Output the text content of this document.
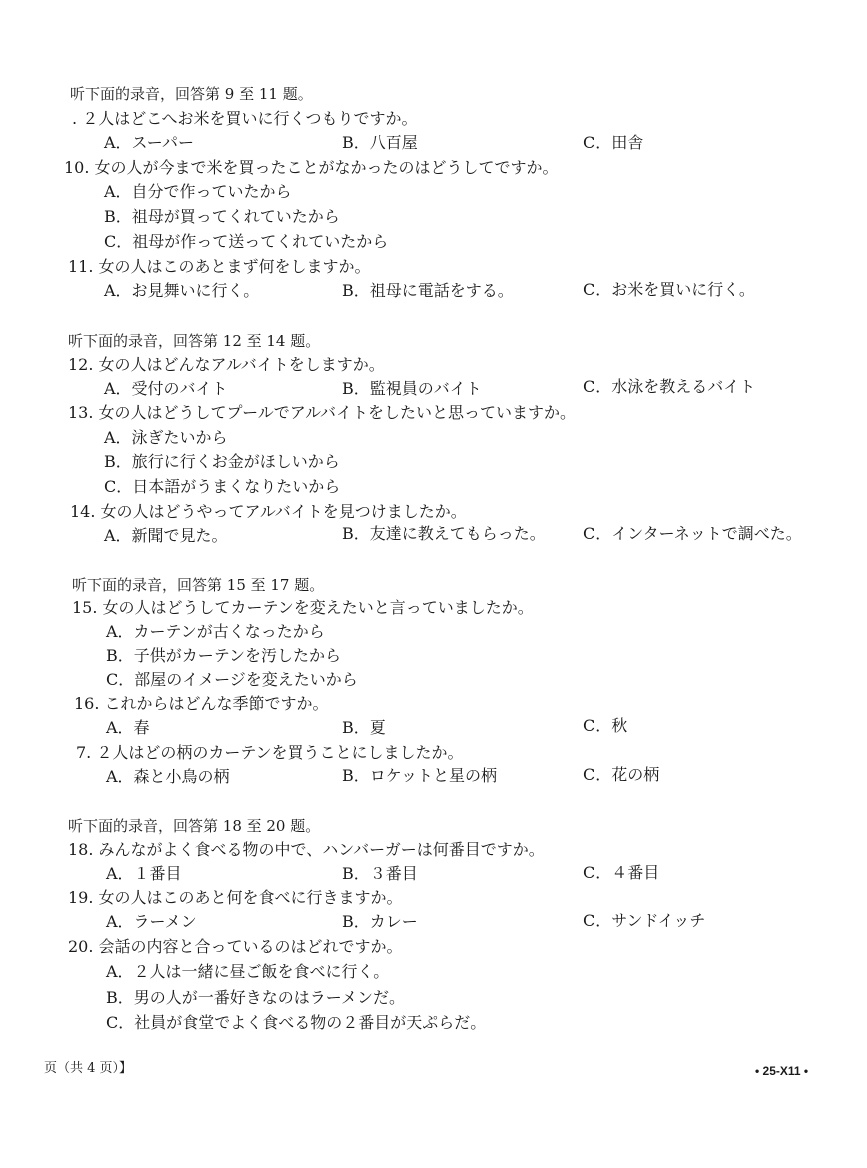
听下面的录音，回答第 9 至 11 题。
. ２人はどこへお米を買いに行くつもりですか。
A．スーパー	B．八百屋	C．田舎
10. 女の人が今まで米を買ったことがなかったのはどうしてですか。
A．自分で作っていたから
B．祖母が買ってくれていたから
C．祖母が作って送ってくれていたから
11. 女の人はこのあとまず何をしますか。
A．お見舞いに行く。	B．祖母に電話をする。	C．お米を買いに行く。
听下面的录音，回答第 12 至 14 题。
12. 女の人はどんなアルバイトをしますか。
A．受付のバイト	B．監視員のバイト	C．水泳を教えるバイト
13. 女の人はどうしてプールでアルバイトをしたいと思っていますか。
A．泳ぎたいから
B．旅行に行くお金がほしいから
C．日本語がうまくなりたいから
14. 女の人はどうやってアルバイトを見つけましたか。
A．新聞で見た。	B．友達に教えてもらった。 C．インターネットで調べた。
听下面的录音，回答第 15 至 17 题。
15. 女の人はどうしてカーテンを変えたいと言っていましたか。
A．カーテンが古くなったから
B．子供がカーテンを汚したから
C．部屋のイメージを変えたいから
16. これからはどんな季節ですか。
A．春	B．夏	C．秋
7. ２人はどの柄のカーテンを買うことにしましたか。
A．森と小鳥の柄	B．ロケットと星の柄	C．花の柄
听下面的录音，回答第 18 至 20 题。
18. みんながよく食べる物の中で、ハンバーガーは何番目ですか。
A．１番目	B．３番目	C．４番目
19. 女の人はこのあと何を食べに行きますか。
A．ラーメン	B．カレー	C．サンドイッチ
20. 会話の内容と合っているのはどれですか。
A．２人は一緒に昼ご飯を食べに行く。
B．男の人が一番好きなのはラーメンだ。
C．社員が食堂でよく食べる物の２番目が天ぷらだ。
页（共 4 页）】	• 25-X11 •
